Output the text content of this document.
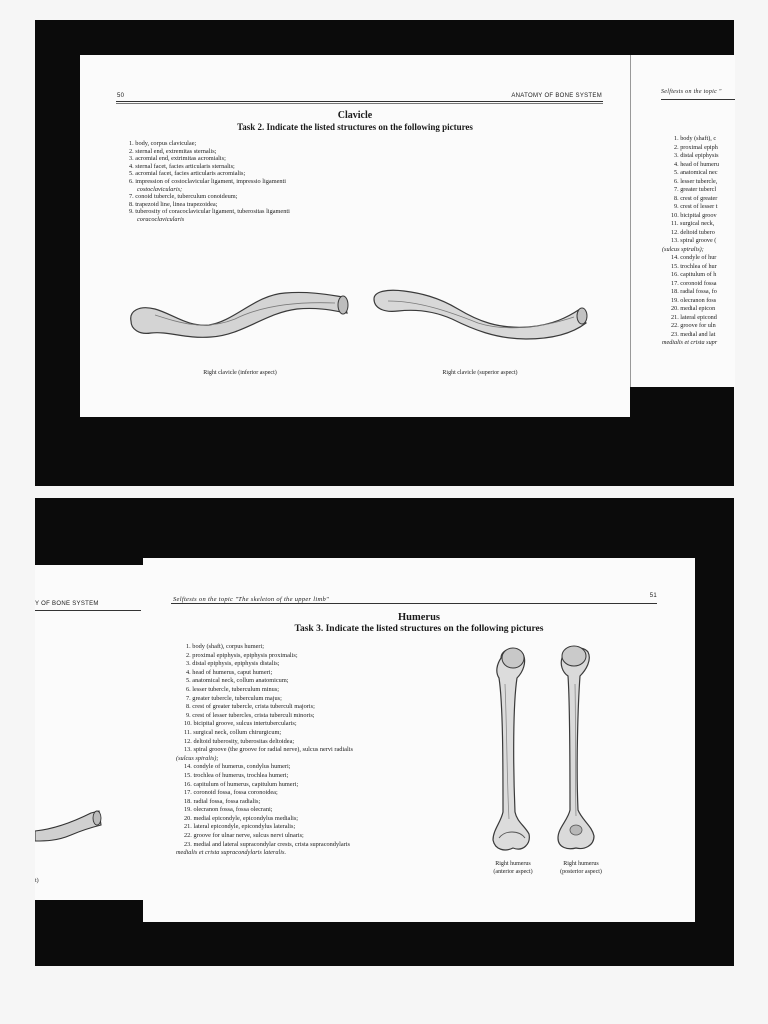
50	ANATOMY OF BONE SYSTEM
Clavicle
Task 2. Indicate the listed structures on the following pictures
1. body, corpus claviculae;
2. sternal end, extremitas sternalis;
3. acromial end, extrimitas acromialis;
4. sternal facet, facies articularis sternalis;
5. acromial facet, facies articularis acromialis;
6. impression of costoclavicular ligament, impressio ligamenti
costoclavicularis;
7. conoid tubercle, tuberculum conoideum;
8. trapezoid line, linea trapezoidea;
9. tuberosity of coracoclavicular ligament, tuberositas ligamenti
coracoclavicularis
Right clavicle (inferior aspect)	Right clavicle (superior aspect)
Selftests on the topic "
1. body (shaft), c
2. proximal epiph
3. distal epiphysis
4. head of humeru
5. anatomical nec
6. lesser tubercle,
7. greater tubercl
8. crest of greater
9. crest of lesser t
10. bicipital groov
11. surgical neck,
12. deltoid tubero
13. spiral groove (
(sulcus spiralis);
14. condyle of hur
15. trochlea of hur
16. capitulum of h
17. coronoid fossa
18. radial fossa, fo
19. olecranon foss
20. medial epicon
21. lateral epicond
22. groove for uln
23. medial and lat
medialis et crista supr
Y OF BONE SYSTEM
t)
Selftests on the topic "The skeleton of the upper limb"	51
Humerus
Task 3. Indicate the listed structures on the following pictures
1. body (shaft), corpus humeri;
2. proximal epiphysis, epiphysis proximalis;
3. distal epiphysis, epiphysis distalis;
4. head of humerus, caput humeri;
5. anatomical neck, collum anatomicum;
6. lesser tubercle, tuberculum minus;
7. greater tubercle, tuberculum majus;
8. crest of greater tubercle, crista tuberculi majoris;
9. crest of lesser tubercles, crista tuberculi minoris;
10. bicipital groove, sulcus intertubercularis;
11. surgical neck, collum chirurgicum;
12. deltoid tuberosity, tuberositas deltoidea;
13. spiral groove (the groove for radial nerve), sulcus nervi radialis
(sulcus spiralis);
14. condyle of humerus, condylus humeri;
15. trochlea of humerus, trochlea humeri;
16. capitulum of humerus, capitulum humeri;
17. coronoid fossa, fossa coronoidea;
18. radial fossa, fossa radialis;
19. olecranon fossa, fossa olecrani;
20. medial epicondyle, epicondylus medialis;
21. lateral epicondyle, epicondylus lateralis;
22. groove for ulnar nerve, sulcus nervi ulnaris;
23. medial and lateral supracondylar crests, crista supracondylaris
medialis et crista supracondylaris lateralis.
Right humerus
(anterior aspect)
Right humerus
(posterior aspect)
